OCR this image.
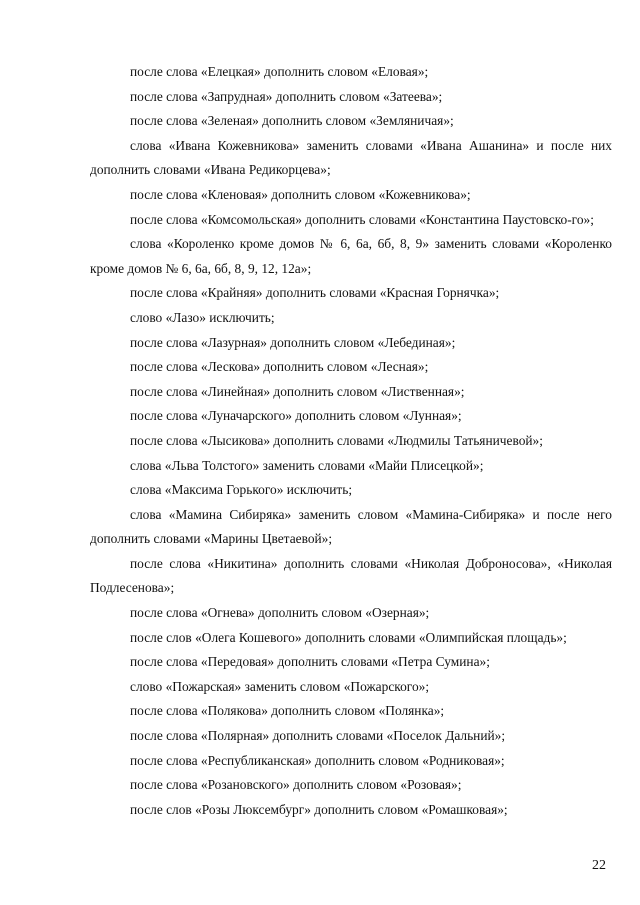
после слова «Елецкая» дополнить словом «Еловая»;

после слова «Запрудная» дополнить словом «Затеева»;

после слова «Зеленая» дополнить словом «Земляничая»;

слова «Ивана Кожевникова» заменить словами «Ивана Ашанина» и после них дополнить словами «Ивана Редикорцева»;

после слова «Кленовая» дополнить словом «Кожевникова»;

после слова «Комсомольская» дополнить словами «Константина Паустовско-го»;

слова «Короленко кроме домов № 6, 6а, 6б, 8, 9» заменить словами «Короленко кроме домов № 6, 6а, 6б, 8, 9, 12, 12а»;

после слова «Крайняя» дополнить словами «Красная Горнячка»;

слово «Лазо» исключить;

после слова «Лазурная» дополнить словом «Лебединая»;

после слова «Лескова» дополнить словом «Лесная»;

после слова «Линейная» дополнить словом «Лиственная»;

после слова «Луначарского» дополнить словом «Лунная»;

после слова «Лысикова» дополнить словами «Людмилы Татьяничевой»;

слова «Льва Толстого» заменить словами «Майи Плисецкой»;

слова «Максима Горького» исключить;

слова «Мамина Сибиряка» заменить словом «Мамина-Сибиряка» и после него дополнить словами «Марины Цветаевой»;

после слова «Никитина» дополнить словами «Николая Доброносова», «Николая Подлесенова»;

после слова «Огнева» дополнить словом «Озерная»;

после слов «Олега Кошевого» дополнить словами «Олимпийская площадь»;

после слова «Передовая» дополнить словами «Петра Сумина»;

слово «Пожарская» заменить словом «Пожарского»;

после слова «Полякова» дополнить словом «Полянка»;

после слова «Полярная» дополнить словами «Поселок Дальний»;

после слова «Республиканская» дополнить словом «Родниковая»;

после слова «Розановского» дополнить словом «Розовая»;

после слов «Розы Люксембург» дополнить словом «Ромашковая»;

22
